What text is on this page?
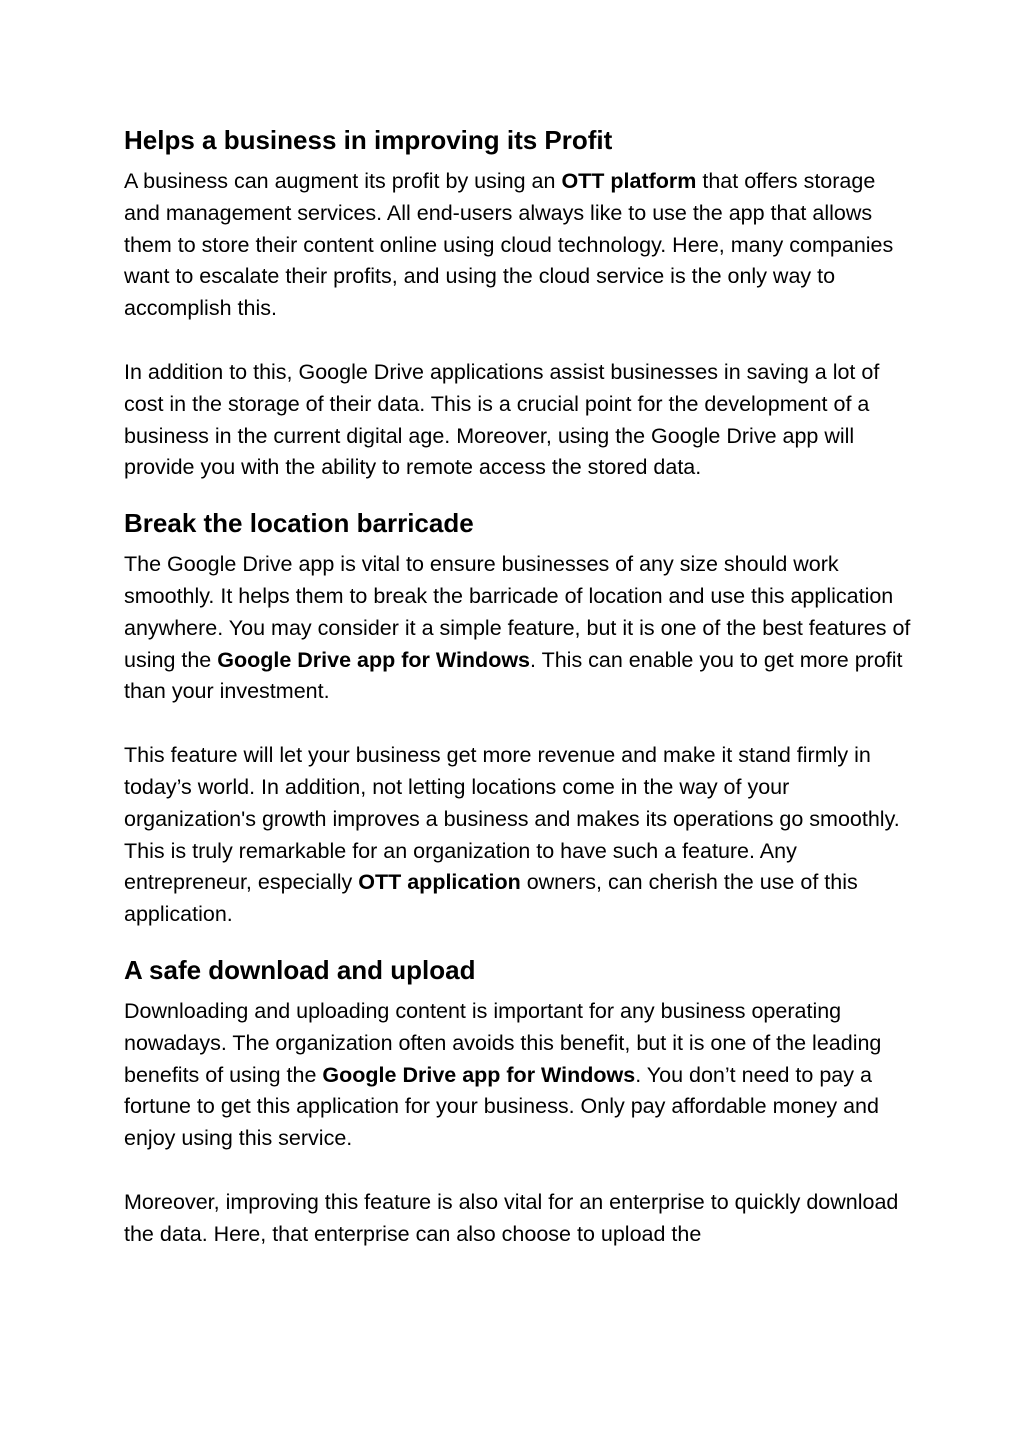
Helps a business in improving its Profit

A business can augment its profit by using an OTT platform that offers storage and management services. All end-users always like to use the app that allows them to store their content online using cloud technology. Here, many companies want to escalate their profits, and using the cloud service is the only way to accomplish this.

In addition to this, Google Drive applications assist businesses in saving a lot of cost in the storage of their data. This is a crucial point for the development of a business in the current digital age. Moreover, using the Google Drive app will provide you with the ability to remote access the stored data.

Break the location barricade

The Google Drive app is vital to ensure businesses of any size should work smoothly. It helps them to break the barricade of location and use this application anywhere. You may consider it a simple feature, but it is one of the best features of using the Google Drive app for Windows. This can enable you to get more profit than your investment.

This feature will let your business get more revenue and make it stand firmly in today’s world. In addition, not letting locations come in the way of your organization's growth improves a business and makes its operations go smoothly. This is truly remarkable for an organization to have such a feature. Any entrepreneur, especially OTT application owners, can cherish the use of this application.

A safe download and upload

Downloading and uploading content is important for any business operating nowadays. The organization often avoids this benefit, but it is one of the leading benefits of using the Google Drive app for Windows. You don’t need to pay a fortune to get this application for your business. Only pay affordable money and enjoy using this service.

Moreover, improving this feature is also vital for an enterprise to quickly download the data. Here, that enterprise can also choose to upload the
